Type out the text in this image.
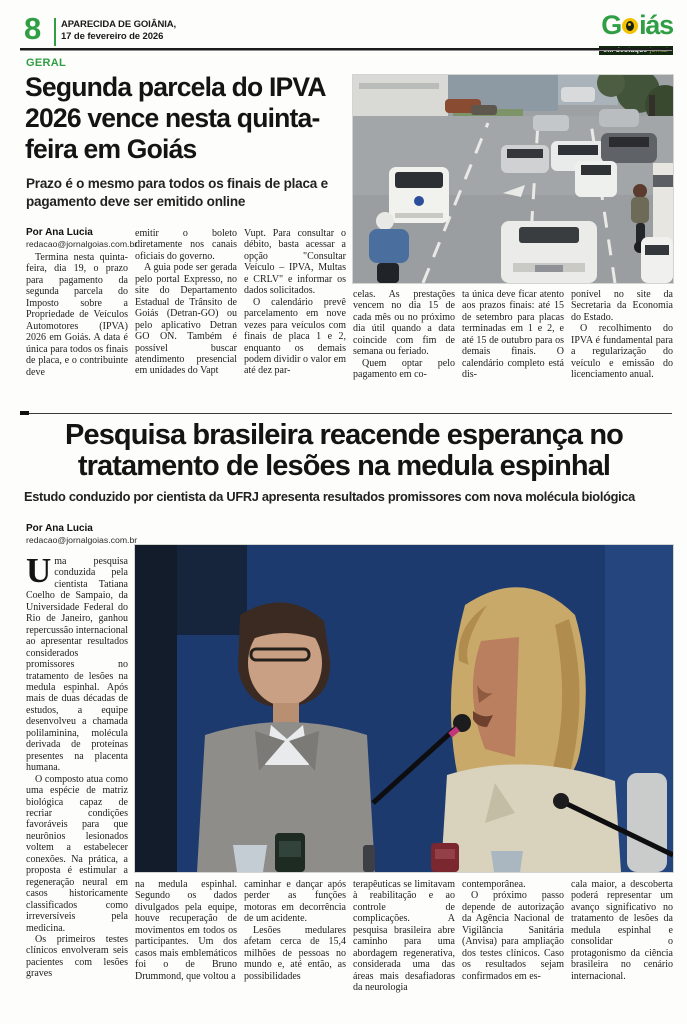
8 APARECIDA DE GOIÂNIA,
17 de fevereiro de 2026	G iás
GERAL
Segunda parcela do IPVA 2026 vence nesta quinta-feira em Goiás
Prazo é o mesmo para todos os finais de placa e pagamento deve ser emitido online
Por Ana Lucia
redacao@jornalgoias.com.br

Termina nesta quinta-feira, dia 19, o prazo para pagamento da segunda parcela do Imposto sobre a Propriedade de Veículos Automotores (IPVA) 2026 em Goiás. A data é única para todos os finais de placa, e o contribuinte deve

emitir o boleto diretamente nos canais oficiais do governo.

A guia pode ser gerada pelo portal Expresso, no site do Departamento Estadual de Trânsito de Goiás (Detran-GO) ou pelo aplicativo Detran GO ON. Também é possível buscar atendimento presencial em unidades do Vapt

Vupt. Para consultar o débito, basta acessar a opção "Consultar Veículo – IPVA, Multas e CRLV" e informar os dados solicitados.

O calendário prevê parcelamento em nove vezes para veículos com finais de placa 1 e 2, enquanto os demais podem dividir o valor em até dez par-

celas. As prestações vencem no dia 15 de cada mês ou no próximo dia útil quando a data coincide com fim de semana ou feriado.

Quem optar pelo pagamento em co-

ta única deve ficar atento aos prazos finais: até 15 de setembro para placas terminadas em 1 e 2, e até 15 de outubro para os demais finais. O calendário completo está dis-

ponível no site da Secretaria da Economia do Estado.

O recolhimento do IPVA é fundamental para a regularização do veículo e emissão do licenciamento anual.

Pesquisa brasileira reacende esperança no tratamento de lesões na medula espinhal
Estudo conduzido por cientista da UFRJ apresenta resultados promissores com nova molécula biológica
Por Ana Lucia
redacao@jornalgoias.com.br

Uma pesquisa conduzida pela cientista Tatiana Coelho de Sampaio, da Universidade Federal do Rio de Janeiro, ganhou repercussão internacional ao apresentar resultados considerados promissores no tratamento de lesões na medula espinhal. Após mais de duas décadas de estudos, a equipe desenvolveu a chamada polilaminina, molécula derivada de proteínas presentes na placenta humana.

O composto atua como uma espécie de matriz biológica capaz de recriar condições favoráveis para que neurônios lesionados voltem a estabelecer conexões. Na prática, a proposta é estimular a regeneração neural em casos historicamente classificados como irreversíveis pela medicina.

Os primeiros testes clínicos envolveram seis pacientes com lesões graves

na medula espinhal. Segundo os dados divulgados pela equipe, houve recuperação de movimentos em todos os participantes. Um dos casos mais emblemáticos foi o de Bruno Drummond, que voltou a

caminhar e dançar após perder as funções motoras em decorrência de um acidente.

Lesões medulares afetam cerca de 15,4 milhões de pessoas no mundo e, até então, as possibilidades

terapêuticas se limitavam à reabilitação e ao controle de complicações. A pesquisa brasileira abre caminho para uma abordagem regenerativa, considerada uma das áreas mais desafiadoras da neurologia

contemporânea.

O próximo passo depende de autorização da Agência Nacional de Vigilância Sanitária (Anvisa) para ampliação dos testes clínicos. Caso os resultados sejam confirmados em es-

cala maior, a descoberta poderá representar um avanço significativo no tratamento de lesões da medula espinhal e consolidar o protagonismo da ciência brasileira no cenário internacional.
